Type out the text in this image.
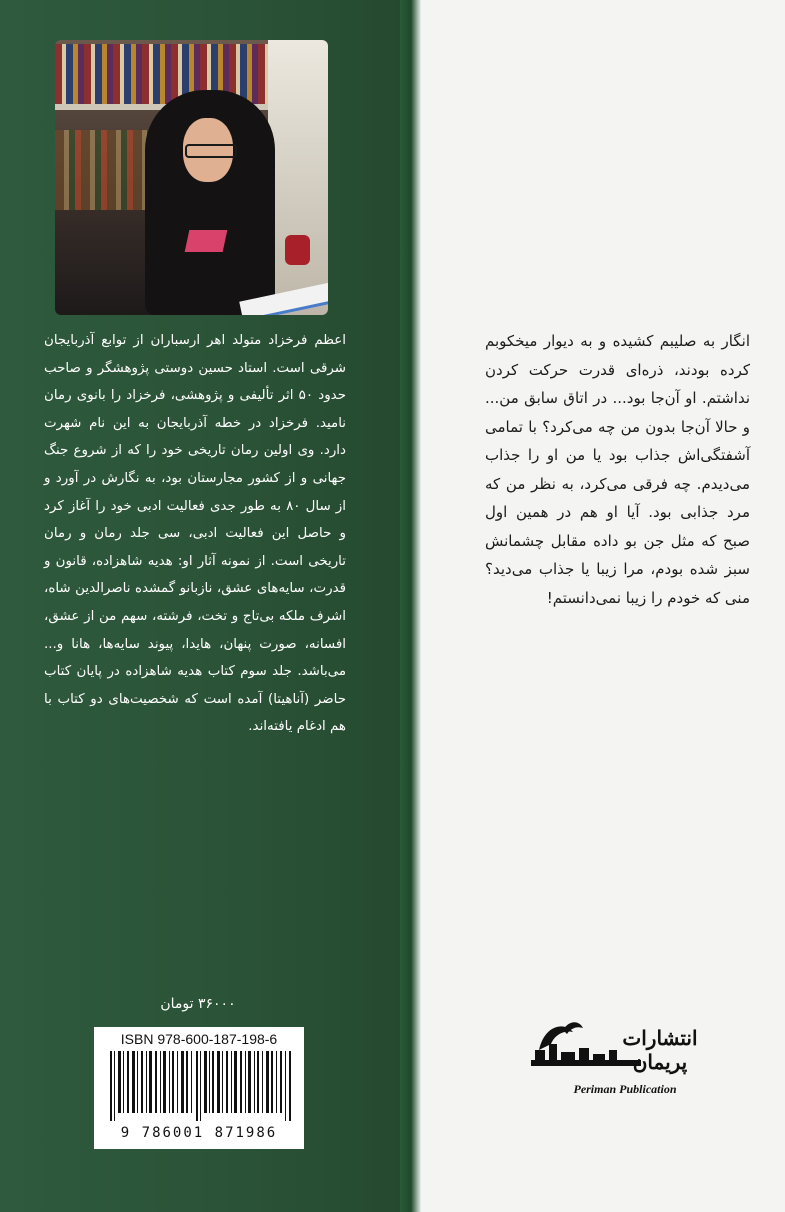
اعظم فرخزاد متولد اهر ارسباران از توابع آذربایجان شرقی است. استاد حسین دوستی پژوهشگر و صاحب حدود ۵۰ اثر تألیفی و پژوهشی، فرخزاد را بانوی رمان نامید. فرخزاد در خطه آذربایجان به این نام شهرت دارد. وی اولین رمان تاریخی خود را که از شروع جنگ جهانی و از کشور مجارستان بود، به نگارش در آورد و از سال ۸۰ به طور جدی فعالیت ادبی خود را آغاز کرد و حاصل این فعالیت ادبی، سی جلد رمان و رمان تاریخی است. از نمونه آثار او: هدیه شاهزاده، قانون و قدرت، سایه‌های عشق، نازبانو گمشده ناصرالدین شاه، اشرف ملکه بی‌تاج و تخت، فرشته، سهم من از عشق، افسانه، صورت پنهان، هایدا، پیوند سایه‌ها، هانا و... می‌باشد. جلد سوم کتاب هدیه شاهزاده در پایان کتاب حاضر (آناهیتا) آمده است که شخصیت‌های دو کتاب با هم ادغام یافته‌اند.
۳۶۰۰۰ تومان
ISBN 978-600-187-198-6
9 786001 871986
انگار به صلیبم کشیده و به دیوار میخکوبم کرده بودند، ذره‌ای قدرت حرکت کردن نداشتم. او آن‌جا بود... در اتاق سابق من... و حالا آن‌جا بدون من چه می‌کرد؟ با تمامی آشفتگی‌اش جذاب بود یا من او را جذاب می‌دیدم. چه فرقی می‌کرد، به نظر من که مرد جذابی بود. آیا او هم در همین اول صبح که مثل جن بو داده مقابل چشمانش سبز شده بودم، مرا زیبا یا جذاب می‌دید؟ منی که خودم را زیبا نمی‌دانستم!
انتشارات پریمان
Periman Publication
